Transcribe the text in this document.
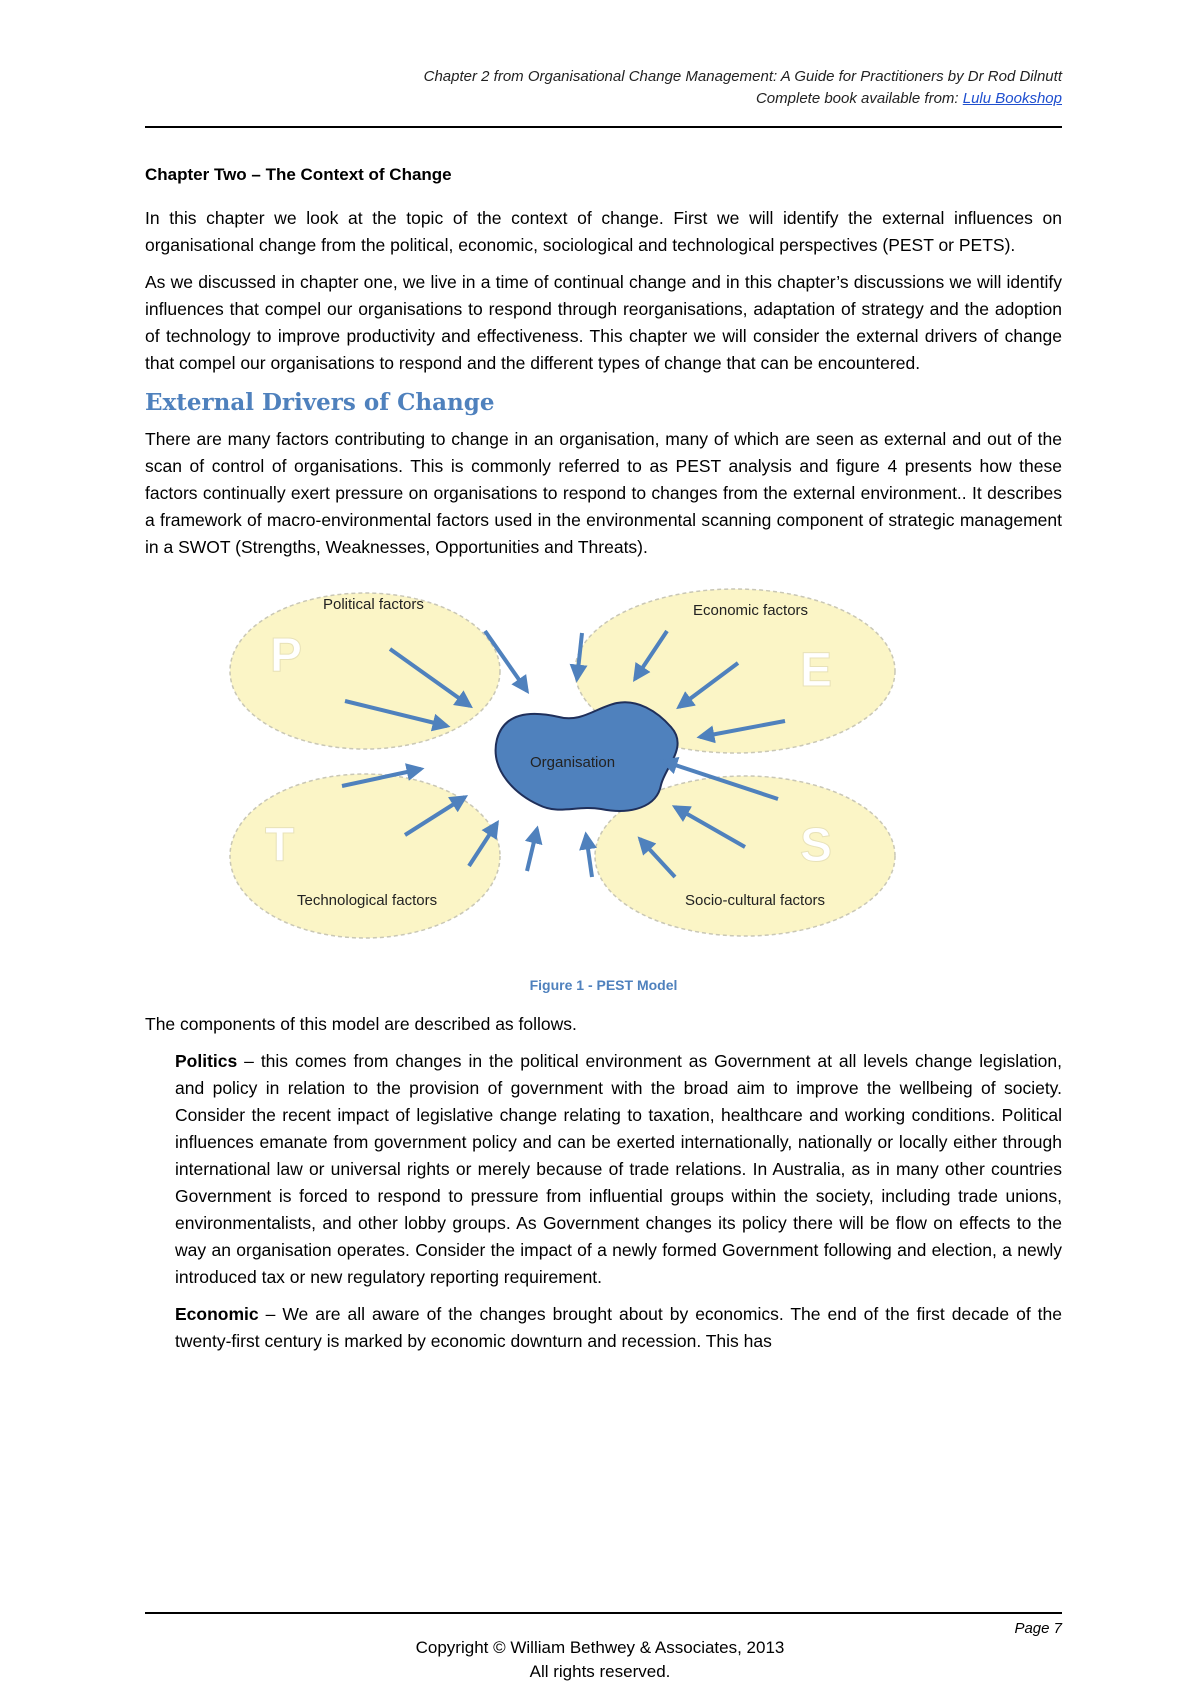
Chapter 2 from Organisational Change Management: A Guide for Practitioners by Dr Rod Dilnutt
Complete book available from: Lulu Bookshop
Chapter Two – The Context of Change

In this chapter we look at the topic of the context of change. First we will identify the external influences on organisational change from the political, economic, sociological and technological perspectives (PEST or PETS).

As we discussed in chapter one, we live in a time of continual change and in this chapter’s discussions we will identify influences that compel our organisations to respond through reorganisations, adaptation of strategy and the adoption of technology to improve productivity and effectiveness. This chapter we will consider the external drivers of change that compel our organisations to respond and the different types of change that can be encountered.

External Drivers of Change

There are many factors contributing to change in an organisation, many of which are seen as external and out of the scan of control of organisations. This is commonly referred to as PEST analysis and figure 4 presents how these factors continually exert pressure on organisations to respond to changes from the external environment.. It describes a framework of macro-environmental factors used in the environmental scanning component of strategic management in a SWOT (Strengths, Weaknesses, Opportunities and Threats).

P	E
T	S
Political factors	Economic factors
Technological factors	Socio-cultural factors
Organisation
Figure 1 - PEST Model

The components of this model are described as follows.

Politics – this comes from changes in the political environment as Government at all levels change legislation, and policy in relation to the provision of government with the broad aim to improve the wellbeing of society. Consider the recent impact of legislative change relating to taxation, healthcare and working conditions. Political influences emanate from government policy and can be exerted internationally, nationally or locally either through international law or universal rights or merely because of trade relations. In Australia, as in many other countries Government is forced to respond to pressure from influential groups within the society, including trade unions, environmentalists, and other lobby groups. As Government changes its policy there will be flow on effects to the way an organisation operates. Consider the impact of a newly formed Government following and election, a newly introduced tax or new regulatory reporting requirement.

Economic – We are all aware of the changes brought about by economics. The end of the first decade of the twenty-first century is marked by economic downturn and recession. This has

Page 7
Copyright © William Bethwey & Associates, 2013
All rights reserved.
